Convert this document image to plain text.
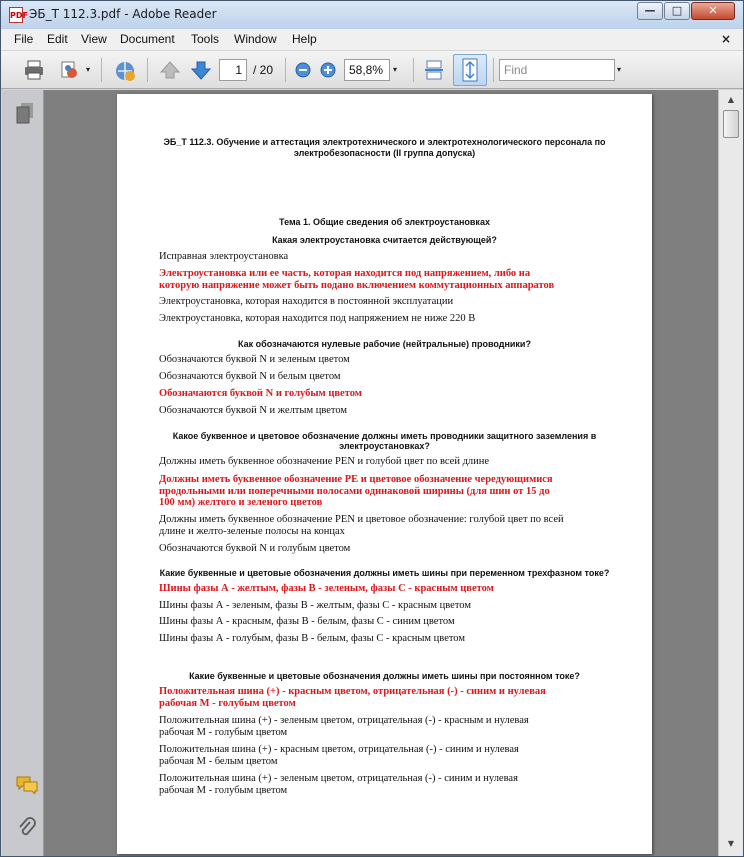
PDF ЭБ_Т 112.3.pdf - Adobe Reader	—	□	✕
File Edit View Document Tools Window Help	×
▾	1 / 20	58,8%	▾	Find	▾
ЭБ_Т 112.3. Обучение и аттестация электротехнического и электротехнологического персонала по
электробезопасности (II группа допуска)
Тема 1. Общие сведения об электроустановках
Какая электроустановка считается действующей?
Исправная электроустановка
Электроустановка или ее часть, которая находится под напряжением, либо на
которую напряжение может быть подано включением коммутационных аппаратов
Электроустановка, которая находится в постоянной эксплуатации
Электроустановка, которая находится под напряжением не ниже 220 В
Как обозначаются нулевые рабочие (нейтральные) проводники?
Обозначаются буквой N и зеленым цветом
Обозначаются буквой N и белым цветом
Обозначаются буквой N и голубым цветом
Обозначаются буквой N и желтым цветом
Какое буквенное и цветовое обозначение должны иметь проводники защитного заземления в
электроустановках?
Должны иметь буквенное обозначение PEN и голубой цвет по всей длине
Должны иметь буквенное обозначение PE и цветовое обозначение чередующимися
продольными или поперечными полосами одинаковой ширины (для шин от 15 до
100 мм) желтого и зеленого цветов
Должны иметь буквенное обозначение PEN и цветовое обозначение: голубой цвет по всей
длине и желто-зеленые полосы на концах
Обозначаются буквой N и голубым цветом
Какие буквенные и цветовые обозначения должны иметь шины при переменном трехфазном токе?
Шины фазы А - желтым, фазы В - зеленым, фазы С - красным цветом
Шины фазы А - зеленым, фазы В - желтым, фазы С - красным цветом
Шины фазы А - красным, фазы В - белым, фазы С - синим цветом
Шины фазы А - голубым, фазы В - белым, фазы С - красным цветом
Какие буквенные и цветовые обозначения должны иметь шины при постоянном токе?
Положительная шина (+) - красным цветом, отрицательная (-) - синим и нулевая
рабочая М - голубым цветом
Положительная шина (+) - зеленым цветом, отрицательная (-) - красным и нулевая
рабочая М - голубым цветом
Положительная шина (+) - красным цветом, отрицательная (-) - синим и нулевая
рабочая М - белым цветом
Положительная шина (+) - зеленым цветом, отрицательная (-) - синим и нулевая
рабочая М - голубым цветом
▲
▼
